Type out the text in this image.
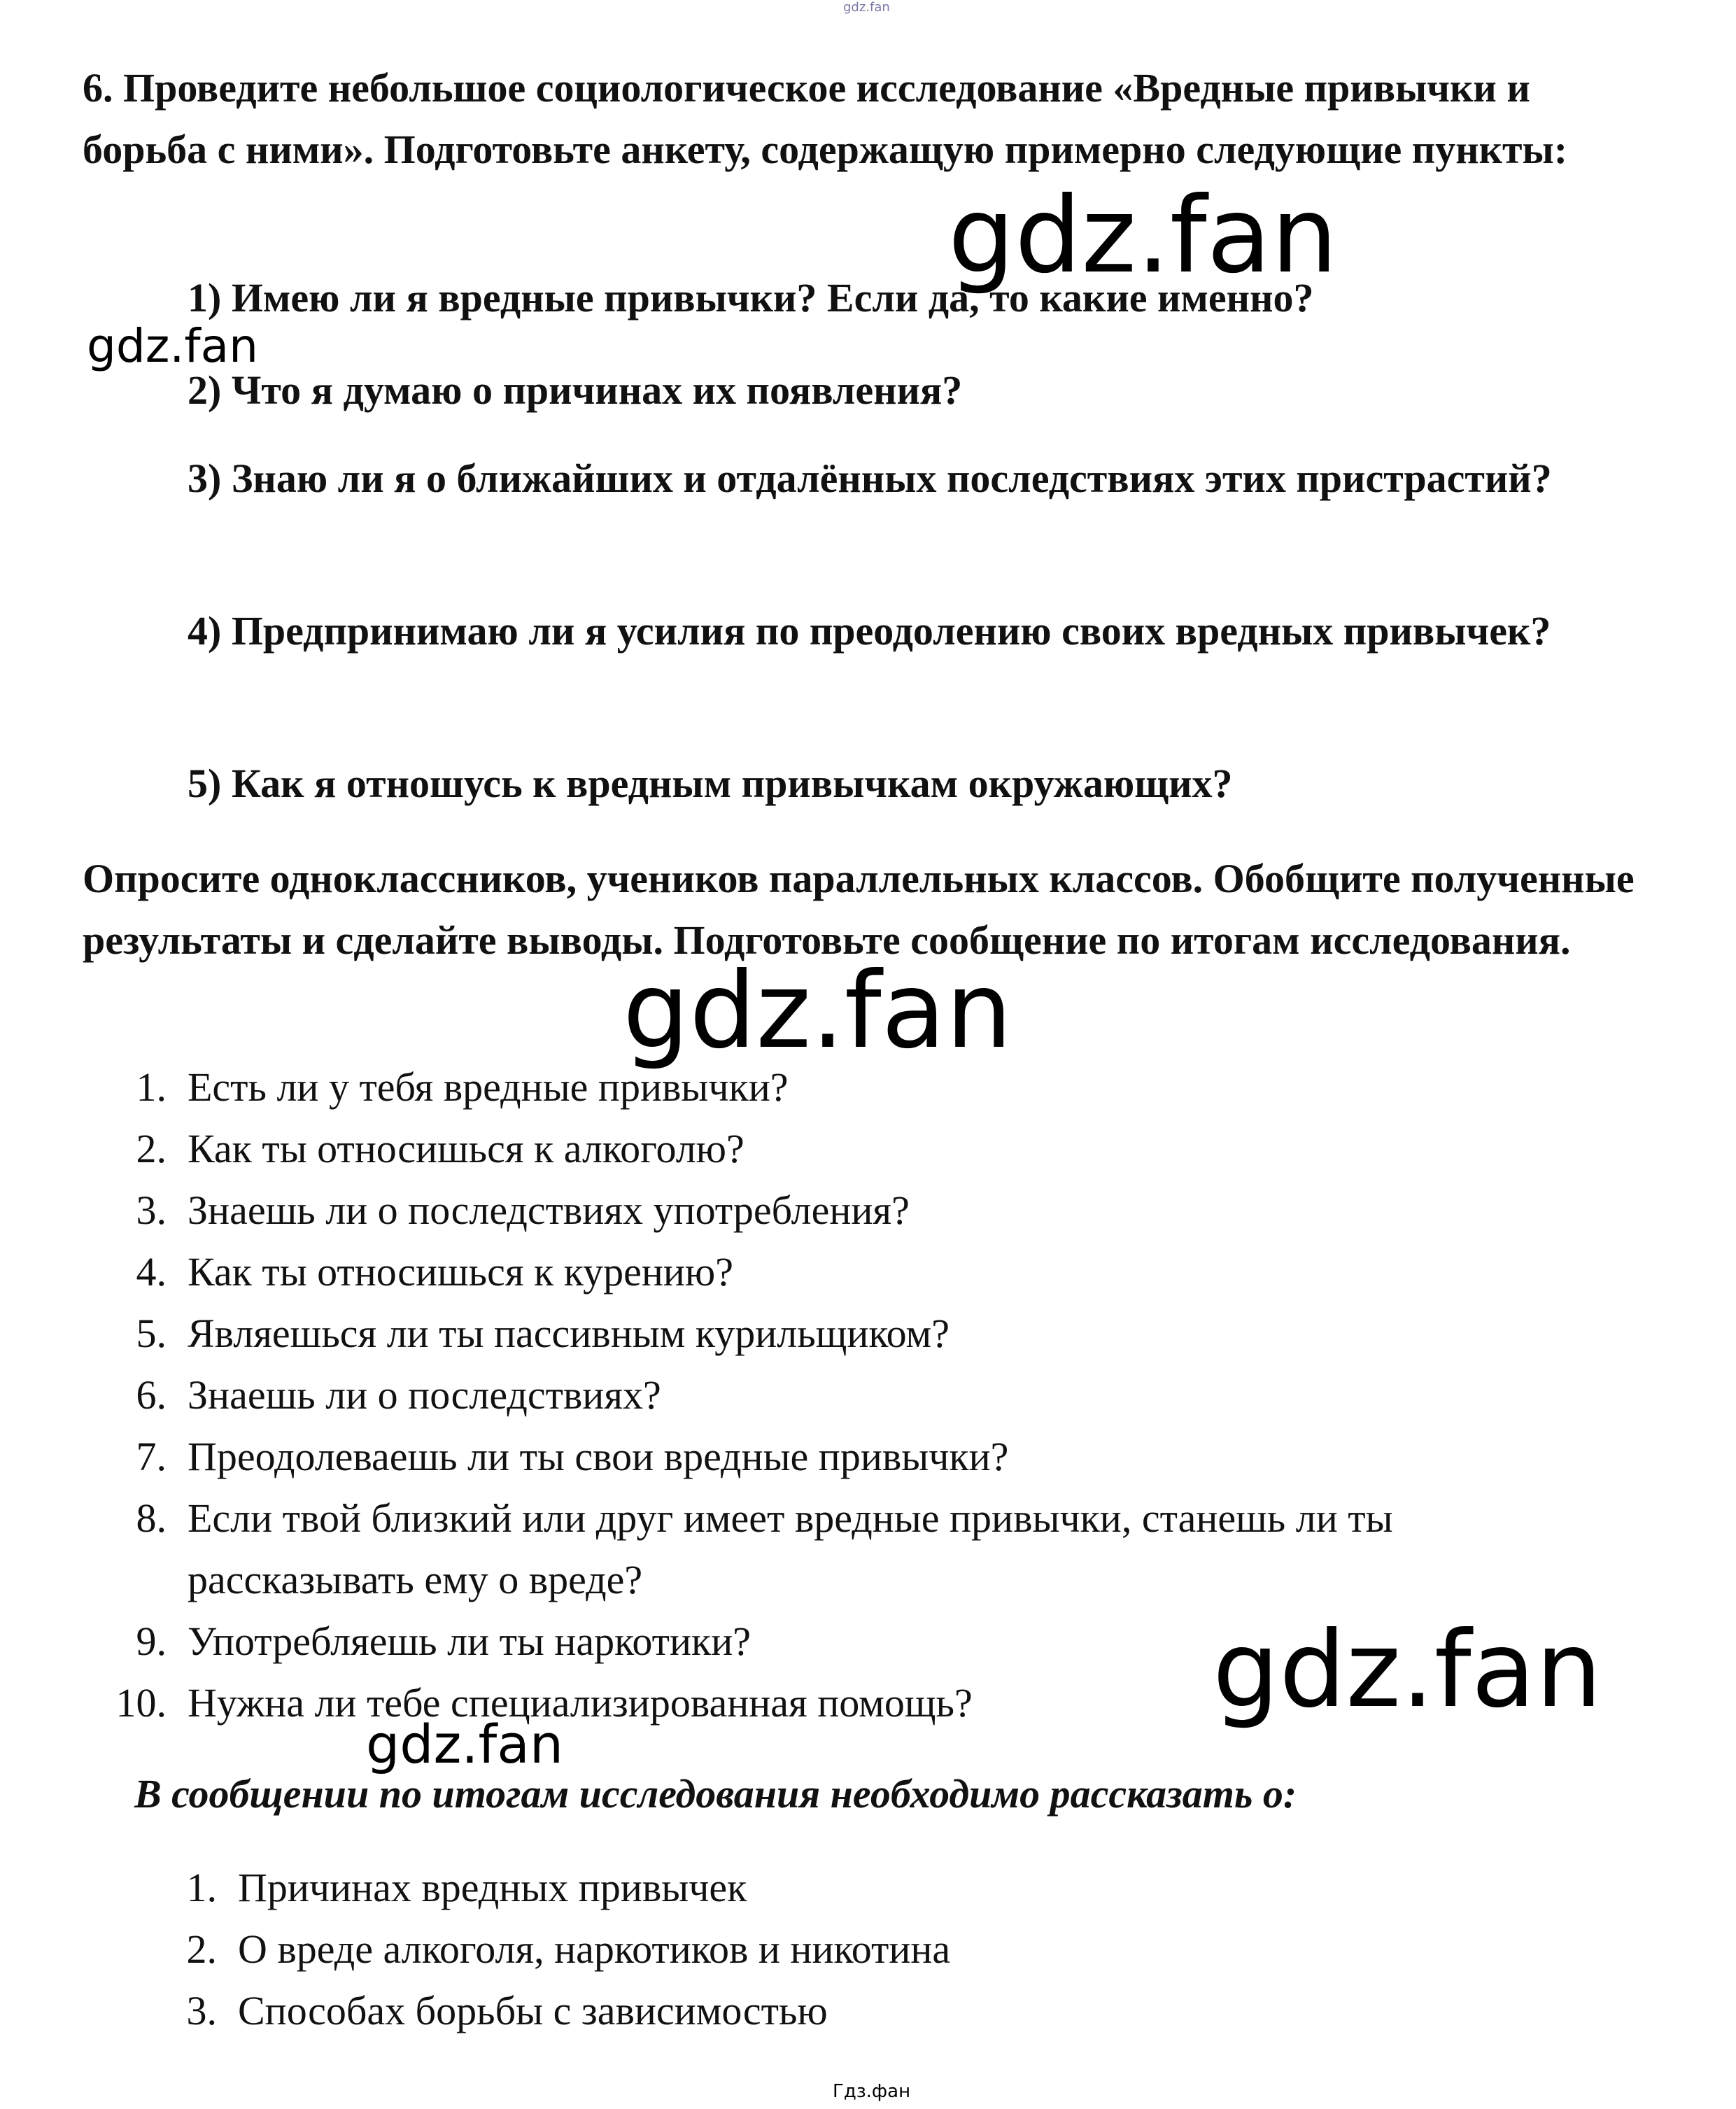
gdz.fan
gdz.fan
gdz.fan
gdz.fan
gdz.fan
gdz.fan
Гдз.фан

6. Проведите небольшое социологическое исследование «Вредные привычки и борьба с ними». Подготовьте анкету, содержащую примерно следующие пункты:

1) Имею ли я вредные привычки? Если да, то какие именно?

2) Что я думаю о причинах их появления?

3) Знаю ли я о ближайших и отдалённых последствиях этих пристрастий?

4) Предпринимаю ли я усилия по преодолению своих вредных привычек?

5) Как я отношусь к вредным привычкам окружающих?

Опросите одноклассников, учеников параллельных классов. Обобщите полученные результаты и сделайте выводы. Подготовьте сообщение по итогам исследования.

1. Есть ли у тебя вредные привычки?
2. Как ты относишься к алкоголю?
3. Знаешь ли о последствиях употребления?
4. Как ты относишься к курению?
5. Являешься ли ты пассивным курильщиком?
6. Знаешь ли о последствиях?
7. Преодолеваешь ли ты свои вредные привычки?
8. Если твой близкий или друг имеет вредные привычки, станешь ли ты рассказывать ему о вреде?
9. Употребляешь ли ты наркотики?
10. Нужна ли тебе специализированная помощь?

В сообщении по итогам исследования необходимо рассказать о:

1. Причинах вредных привычек
2. О вреде алкоголя, наркотиков и никотина
3. Способах борьбы с зависимостью
